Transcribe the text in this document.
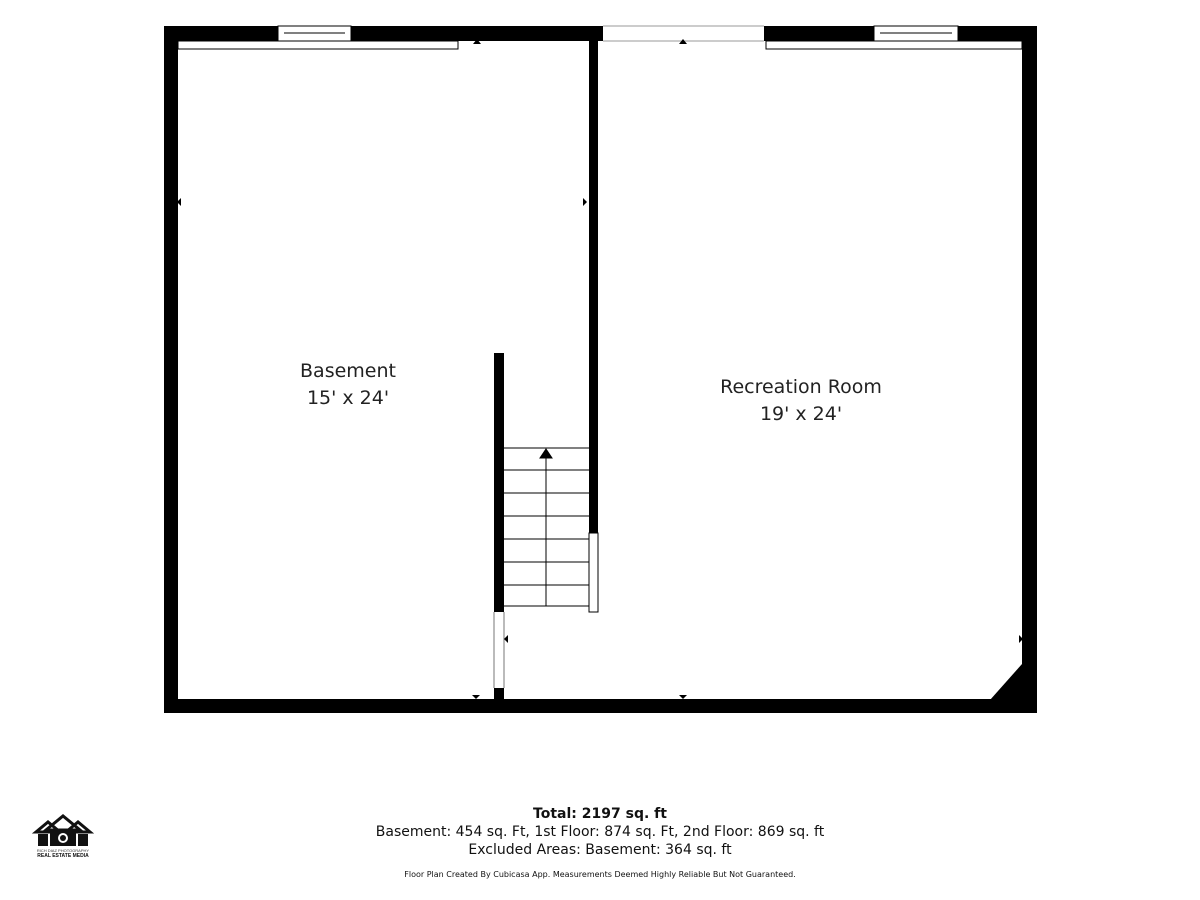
Basement
15' x 24'	Recreation Room
19' x 24'
RICH DIAZ PHOTOGRAPHY
REAL ESTATE MEDIA
Total: 2197 sq. ft
Basement: 454 sq. Ft, 1st Floor: 874 sq. Ft, 2nd Floor: 869 sq. ft
Excluded Areas: Basement: 364 sq. ft
Floor Plan Created By Cubicasa App. Measurements Deemed Highly Reliable But Not Guaranteed.
